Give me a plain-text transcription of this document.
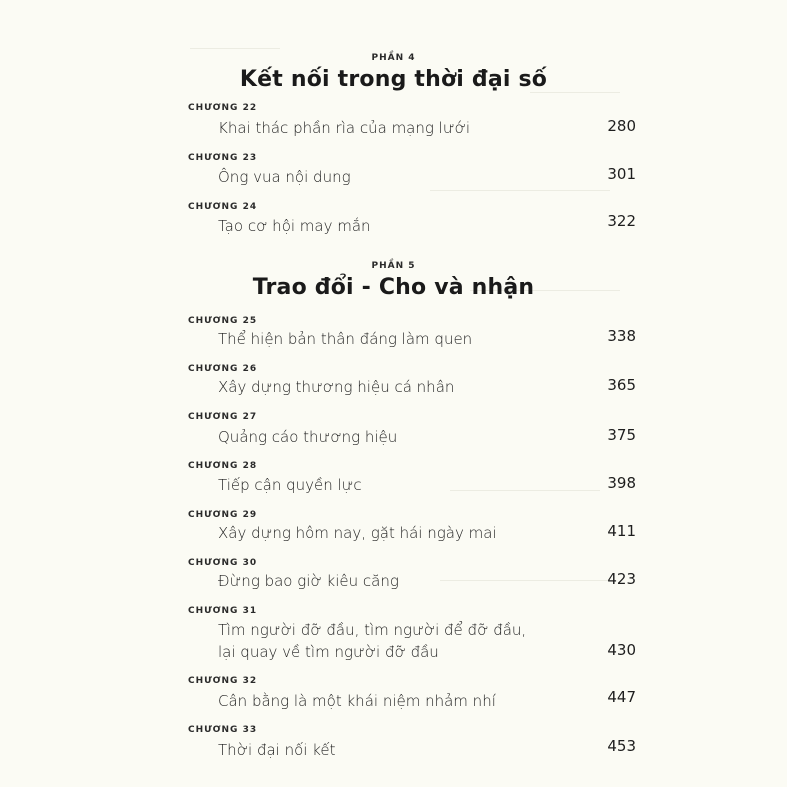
PHẦN 4
Kết nối trong thời đại số
CHƯƠNG 22
Khai thác phần rìa của mạng lưới	280
CHƯƠNG 23
Ông vua nội dung	301
CHƯƠNG 24
Tạo cơ hội may mắn	322
PHẦN 5
Trao đổi - Cho và nhận
CHƯƠNG 25
Thể hiện bản thân đáng làm quen	338
CHƯƠNG 26
Xây dựng thương hiệu cá nhân	365
CHƯƠNG 27
Quảng cáo thương hiệu	375
CHƯƠNG 28
Tiếp cận quyền lực	398
CHƯƠNG 29
Xây dựng hôm nay, gặt hái ngày mai	411
CHƯƠNG 30
Đừng bao giờ kiêu căng	423
CHƯƠNG 31
Tìm người đỡ đầu, tìm người để đỡ đầu,
lại quay về tìm người đỡ đầu	430
CHƯƠNG 32
Cân bằng là một khái niệm nhảm nhí	447
CHƯƠNG 33
Thời đại nối kết	453
